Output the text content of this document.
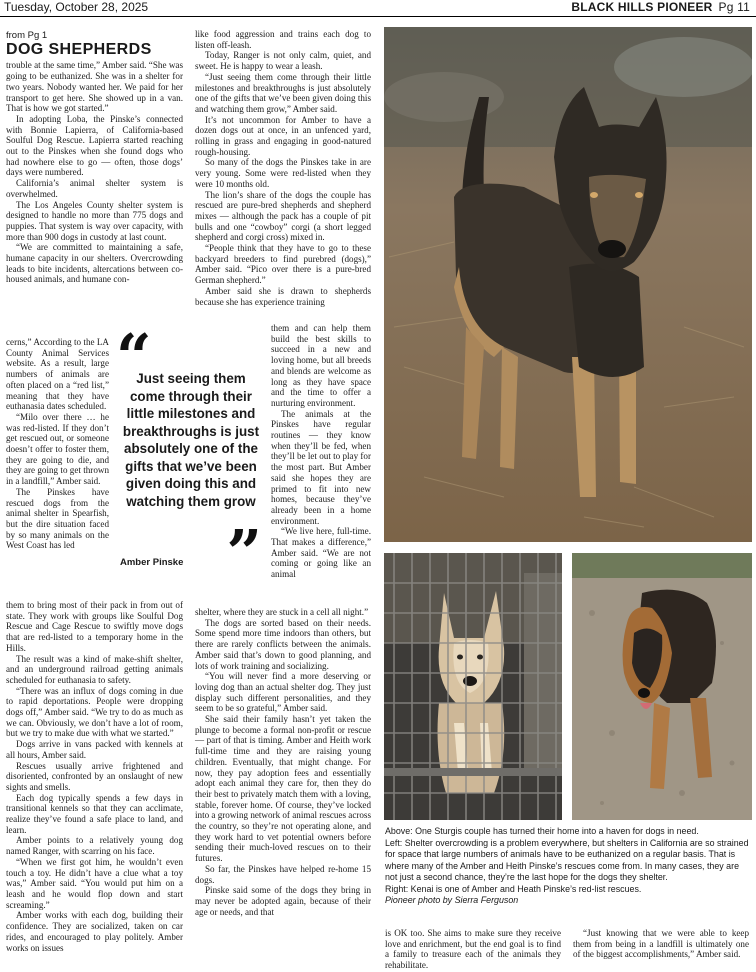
Tuesday, October 28, 2025	BLACK HILLS PIONEER Pg 11
from Pg 1
DOG SHEPHERDS

trouble at the same time,” Amber said. “She was going to be euthanized. She was in a shelter for two years. Nobody wanted her. We paid for her transport to get here. She showed up in a van. That is how we got started.”

In adopting Loba, the Pinske’s connected with Bonnie Lapierra, of California-based Soulful Dog Rescue. Lapierra started reaching out to the Pinskes when she found dogs who had nowhere else to go — often, those dogs’ days were numbered.

California’s animal shelter system is overwhelmed.

The Los Angeles County shelter system is designed to handle no more than 775 dogs and puppies. That system is way over capacity, with more than 900 dogs in custody at last count.

“We are committed to maintaining a safe, humane capacity in our shelters. Overcrowding leads to bite incidents, altercations between co-housed animals, and humane con-

cerns,” According to the LA County Animal Services website. As a result, large numbers of animals are often placed on a “red list,” meaning that they have euthanasia dates scheduled.

“Milo over there … he was red-listed. If they don’t get rescued out, or someone doesn’t offer to foster them, they are going to die, and they are going to get thrown in a landfill,” Amber said.

The Pinskes have rescued dogs from the animal shelter in Spearfish, but the dire situation faced by so many animals on the West Coast has led

them to bring most of their pack in from out of state. They work with groups like Soulful Dog Rescue and Cage Rescue to swiftly move dogs that are red-listed to a temporary home in the Hills.

The result was a kind of make-shift shelter, and an underground railroad getting animals scheduled for euthanasia to safety.

“There was an influx of dogs coming in due to rapid deportations. People were dropping dogs off,” Amber said. “We try to do as much as we can. Obviously, we don’t have a lot of room, but we try to make due with what we started.”

Dogs arrive in vans packed with kennels at all hours, Amber said.

Rescues usually arrive frightened and disoriented, confronted by an onslaught of new sights and smells.

Each dog typically spends a few days in transitional kennels so that they can acclimate, realize they’ve found a safe place to land, and learn.

Amber points to a relatively young dog named Ranger, with scarring on his face.

“When we first got him, he wouldn’t even touch a toy. He didn’t have a clue what a toy was,” Amber said. “You would put him on a leash and he would flop down and start screaming.”

Amber works with each dog, building their confidence. They are socialized, taken on car rides, and encouraged to play politely. Amber works on issues

like food aggression and trains each dog to listen off-leash.

Today, Ranger is not only calm, quiet, and sweet. He is happy to wear a leash.

“Just seeing them come through their little milestones and breakthroughs is just absolutely one of the gifts that we’ve been given doing this and watching them grow,” Amber said.

It’s not uncommon for Amber to have a dozen dogs out at once, in an unfenced yard, rolling in grass and engaging in good-natured rough-housing.

So many of the dogs the Pinskes take in are very young. Some were red-listed when they were 10 months old.

The lion’s share of the dogs the couple has rescued are pure-bred shepherds and shepherd mixes — although the pack has a couple of pit bulls and one “cowboy” corgi (a short legged shepherd and corgi cross) mixed in.

“People think that they have to go to these backyard breeders to find purebred (dogs),” Amber said. “Pico over there is a pure-bred German shepherd.”

Amber said she is drawn to shepherds because she has experience training

them and can help them build the best skills to succeed in a new and loving home, but all breeds and blends are welcome as long as they have space and the time to offer a nurturing environment.

The animals at the Pinskes have regular routines — they know when they’ll be fed, when they’ll be let out to play for the most part. But Amber said she hopes they are primed to fit into new homes, because they’ve already been in a home environment.

“We live here, full-time. That makes a difference,” Amber said. “We are not coming or going like an animal

shelter, where they are stuck in a cell all night.”

The dogs are sorted based on their needs. Some spend more time indoors than others, but there are rarely conflicts between the animals. Amber said that’s down to good planning, and lots of work training and socializing.

“You will never find a more deserving or loving dog than an actual shelter dog. They just display such different personalities, and they seem to be so grateful,” Amber said.

She said their family hasn’t yet taken the plunge to become a formal non-profit or rescue — part of that is timing. Amber and Heith work full-time time and they are raising young children. Eventually, that might change. For now, they pay adoption fees and essentially adopt each animal they care for, then they do their best to privately match them with a loving, stable, forever home. Of course, they’ve locked into a growing network of animal rescues across the country, so they’re not operating alone, and they work hard to vet potential owners before sending their much-loved rescues on to their futures.

So far, the Pinskes have helped re-home 15 dogs.

Pinske said some of the dogs they bring in may never be adopted again, because of their age or needs, and that

“
Just seeing them come through their little milestones and breakthroughs is just absolutely one of the gifts that we’ve been given doing this and watching them grow
Amber Pinske ”
Above: One Sturgis couple has turned their home into a haven for dogs in need.
Left: Shelter overcrowding is a problem everywhere, but shelters in California are so strained for space that large numbers of animals have to be euthanized on a regular basis. That is where many of the Amber and Heith Pinske’s rescues come from. In many cases, they are not just a second chance, they’re the last hope for the dogs they shelter.
Right: Kenai is one of Amber and Heath Pinske’s red-list rescues.
Pioneer photo by Sierra Ferguson

is OK too. She aims to make sure they receive love and enrichment, but the end goal is to find a family to treasure each of the animals they rehabilitate.

“Just knowing that we were able to keep them from being in a landfill is ultimately one of the biggest accomplishments,” Amber said.
